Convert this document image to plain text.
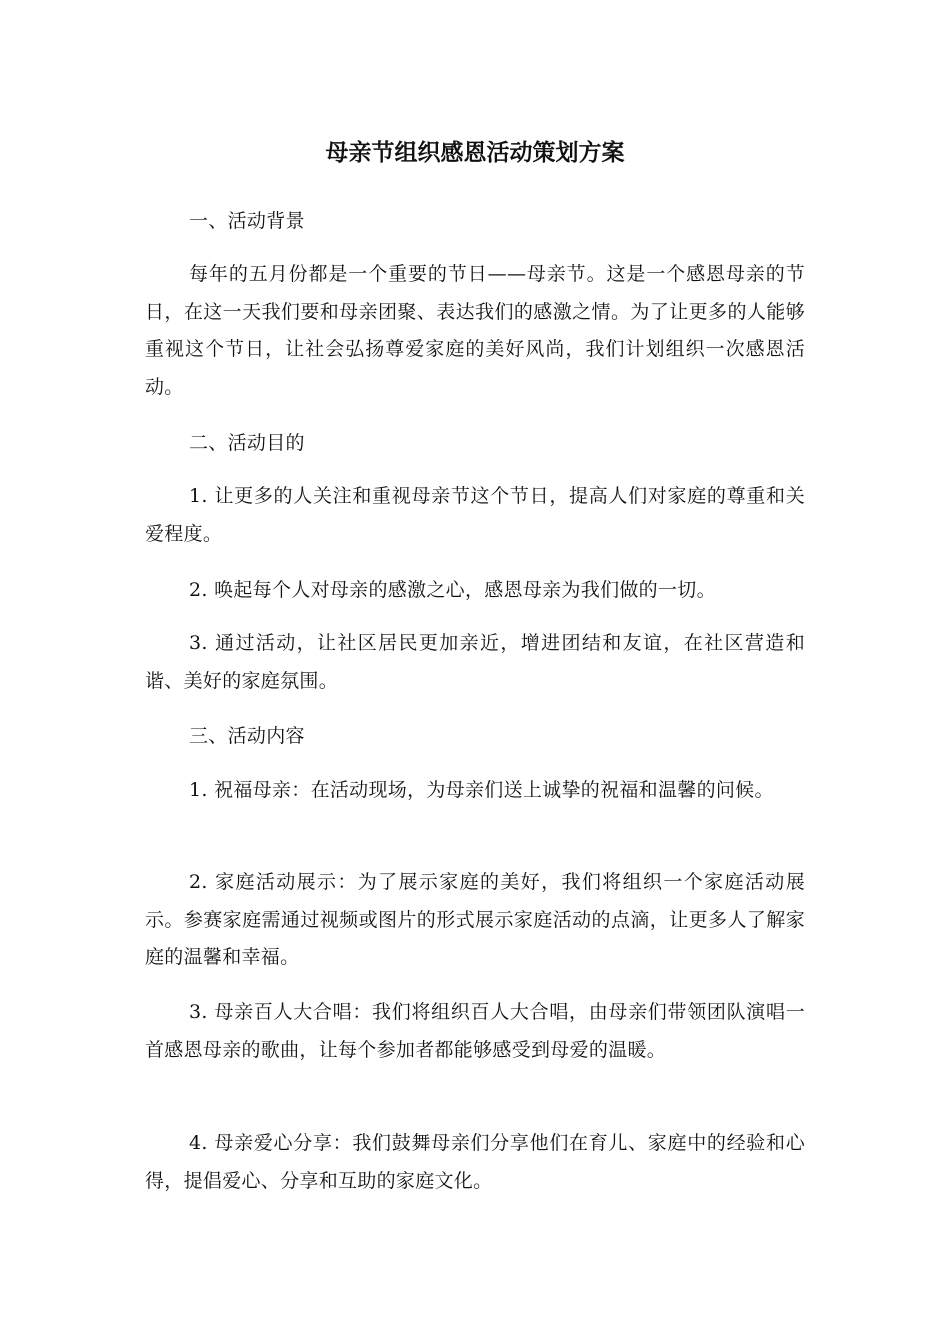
母亲节组织感恩活动策划方案

一、活动背景

每年的五月份都是一个重要的节日——母亲节。这是一个感恩母亲的节日，在这一天我们要和母亲团聚、表达我们的感激之情。为了让更多的人能够重视这个节日，让社会弘扬尊爱家庭的美好风尚，我们计划组织一次感恩活动。

二、活动目的

1. 让更多的人关注和重视母亲节这个节日，提高人们对家庭的尊重和关爱程度。

2. 唤起每个人对母亲的感激之心，感恩母亲为我们做的一切。

3. 通过活动，让社区居民更加亲近，增进团结和友谊，在社区营造和谐、美好的家庭氛围。

三、活动内容

1. 祝福母亲：在活动现场，为母亲们送上诚挚的祝福和温馨的问候。

2. 家庭活动展示：为了展示家庭的美好，我们将组织一个家庭活动展示。参赛家庭需通过视频或图片的形式展示家庭活动的点滴，让更多人了解家庭的温馨和幸福。

3. 母亲百人大合唱：我们将组织百人大合唱，由母亲们带领团队演唱一首感恩母亲的歌曲，让每个参加者都能够感受到母爱的温暖。

4. 母亲爱心分享：我们鼓舞母亲们分享他们在育儿、家庭中的经验和心得，提倡爱心、分享和互助的家庭文化。
